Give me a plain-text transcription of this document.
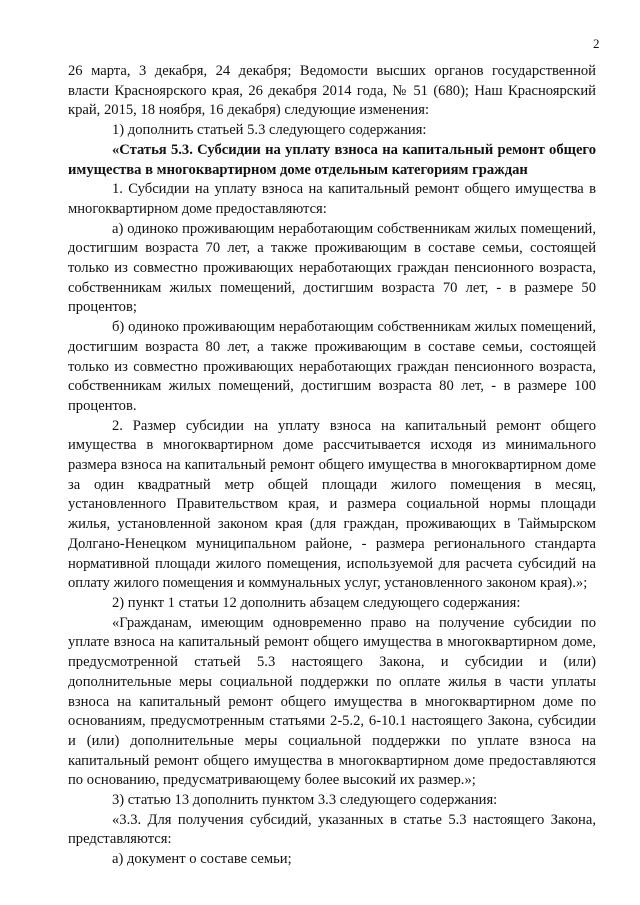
2

26 марта, 3 декабря, 24 декабря; Ведомости высших органов государственной власти Красноярского края, 26 декабря 2014 года, № 51 (680); Наш Красноярский край, 2015, 18 ноября, 16 декабря) следующие изменения:

1) дополнить статьей 5.3 следующего содержания:

«Статья 5.3. Субсидии на уплату взноса на капитальный ремонт общего имущества в многоквартирном доме отдельным категориям граждан

1. Субсидии на уплату взноса на капитальный ремонт общего имущества в многоквартирном доме предоставляются:

а) одиноко проживающим неработающим собственникам жилых помещений, достигшим возраста 70 лет, а также проживающим в составе семьи, состоящей только из совместно проживающих неработающих граждан пенсионного возраста, собственникам жилых помещений, достигшим возраста 70 лет, - в размере 50 процентов;

б) одиноко проживающим неработающим собственникам жилых помещений, достигшим возраста 80 лет, а также проживающим в составе семьи, состоящей только из совместно проживающих неработающих граждан пенсионного возраста, собственникам жилых помещений, достигшим возраста 80 лет, - в размере 100 процентов.

2. Размер субсидии на уплату взноса на капитальный ремонт общего имущества в многоквартирном доме рассчитывается исходя из минимального размера взноса на капитальный ремонт общего имущества в многоквартирном доме за один квадратный метр общей площади жилого помещения в месяц, установленного Правительством края, и размера социальной нормы площади жилья, установленной законом края (для граждан, проживающих в Таймырском Долгано-Ненецком муниципальном районе, - размера регионального стандарта нормативной площади жилого помещения, используемой для расчета субсидий на оплату жилого помещения и коммунальных услуг, установленного законом края).»;

2) пункт 1 статьи 12 дополнить абзацем следующего содержания:

«Гражданам, имеющим одновременно право на получение субсидии по уплате взноса на капитальный ремонт общего имущества в многоквартирном доме, предусмотренной статьей 5.3 настоящего Закона, и субсидии и (или) дополнительные меры социальной поддержки по оплате жилья в части уплаты взноса на капитальный ремонт общего имущества в многоквартирном доме по основаниям, предусмотренным статьями 2-5.2, 6-10.1 настоящего Закона, субсидии и (или) дополнительные меры социальной поддержки по уплате взноса на капитальный ремонт общего имущества в многоквартирном доме предоставляются по основанию, предусматривающему более высокий их размер.»;

3) статью 13 дополнить пунктом 3.3 следующего содержания:

«3.3. Для получения субсидий, указанных в статье 5.3 настоящего Закона, представляются:

а) документ о составе семьи;
